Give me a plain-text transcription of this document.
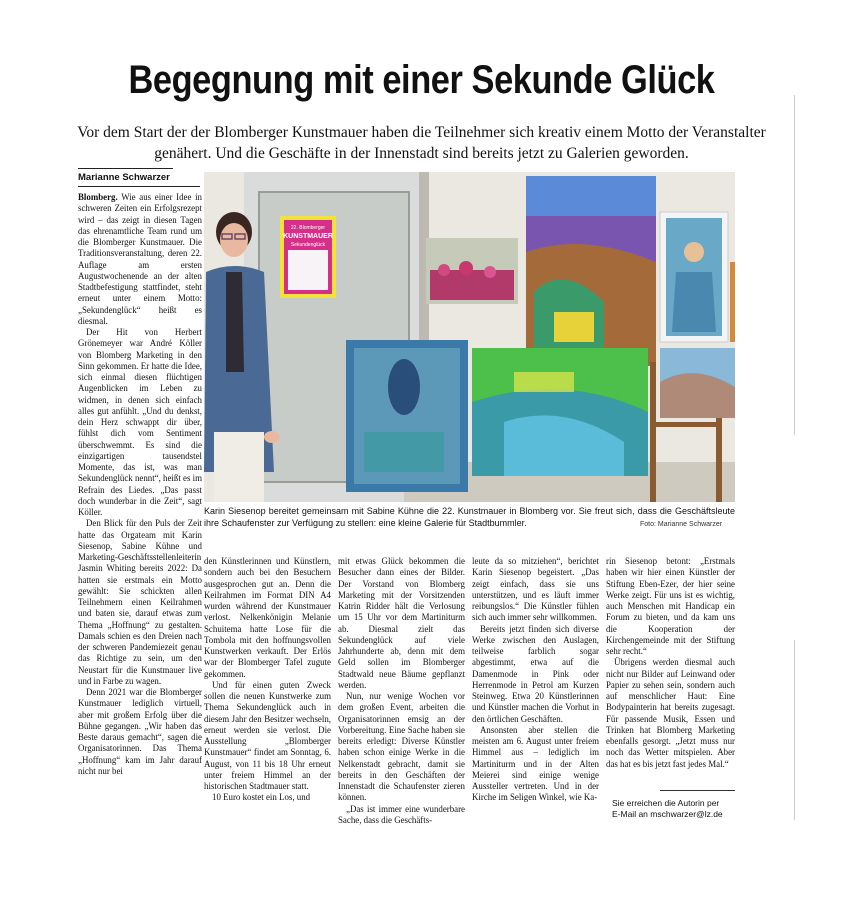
Begegnung mit einer Sekunde Glück

Vor dem Start der der Blomberger Kunstmauer haben die Teilnehmer sich kreativ einem Motto der Veranstalter genähert. Und die Geschäfte in der Innenstadt sind bereits jetzt zu Galerien geworden.

Marianne Schwarzer

Blomberg. Wie aus einer Idee in schweren Zeiten ein Erfolgsrezept wird – das zeigt in diesen Tagen das ehrenamtliche Team rund um die Blomberger Kunstmauer. Die Traditionsveranstaltung, deren 22. Auflage am ersten Augustwochenende an der alten Stadtbefestigung stattfindet, steht erneut unter einem Motto: „Sekundenglück“ heißt es diesmal.

Der Hit von Herbert Grönemeyer war André Köller von Blomberg Marketing in den Sinn gekommen. Er hatte die Idee, sich einmal diesen flüchtigen Augenblicken im Leben zu widmen, in denen sich einfach alles gut anfühlt. „Und du denkst, dein Herz schwappt dir über, fühlst dich vom Sentiment überschwemmt. Es sind die einzigartigen tausendstel Momente, das ist, was man Sekundenglück nennt“, heißt es im Refrain des Liedes. „Das passt doch wunderbar in die Zeit“, sagt Köller.

Den Blick für den Puls der Zeit hatte das Orgateam mit Karin Siesenop, Sabine Kühne und Marketing-Geschäftsstellenleiterin Jasmin Whiting bereits 2022: Da hatten sie erstmals ein Motto gewählt: Sie schickten allen Teilnehmern einen Keilrahmen und baten sie, darauf etwas zum Thema „Hoffnung“ zu gestalten. Damals schien es den Dreien nach der schweren Pandemiezeit genau das Richtige zu sein, um den Neustart für die Kunstmauer live und in Farbe zu wagen.

Denn 2021 war die Blomberger Kunstmauer lediglich virtuell, aber mit großem Erfolg über die Bühne gegangen. „Wir haben das Beste daraus gemacht“, sagen die Organisatorinnen. Das Thema „Hoffnung“ kam im Jahr darauf nicht nur bei

22. Blomberger
KUNSTMAUER
Sekundenglück
Karin Siesenop bereitet gemeinsam mit Sabine Kühne die 22. Kunstmauer in Blomberg vor. Sie freut sich, dass die Geschäftsleute ihre Schaufenster zur Verfügung zu stellen: eine kleine Galerie für Stadtbummler.	Foto: Marianne Schwarzer

den Künstlerinnen und Künstlern, sondern auch bei den Besuchern ausgesprochen gut an. Denn die Keilrahmen im Format DIN A4 wurden während der Kunstmauer verlost. Nelkenkönigin Melanie Schuitema hatte Lose für die Tombola mit den hoffnungsvollen Kunstwerken verkauft. Der Erlös war der Blomberger Tafel zugute gekommen.

Und für einen guten Zweck sollen die neuen Kunstwerke zum Thema Sekundenglück auch in diesem Jahr den Besitzer wechseln, erneut werden sie verlost. Die Ausstellung „Blomberger Kunstmauer“ findet am Sonntag, 6. August, von 11 bis 18 Uhr erneut unter freiem Himmel an der historischen Stadtmauer statt.

10 Euro kostet ein Los, und

mit etwas Glück bekommen die Besucher dann eines der Bilder. Der Vorstand von Blomberg Marketing mit der Vorsitzenden Katrin Ridder hält die Verlosung um 15 Uhr vor dem Martiniturm ab. Diesmal zielt das Sekundenglück auf viele Jahrhunderte ab, denn mit dem Geld sollen im Blomberger Stadtwald neue Bäume gepflanzt werden.

Nun, nur wenige Wochen vor dem großen Event, arbeiten die Organisatorinnen emsig an der Vorbereitung. Eine Sache haben sie bereits erledigt: Diverse Künstler haben schon einige Werke in die Nelkenstadt gebracht, damit sie bereits in den Geschäften der Innenstadt die Schaufenster zieren können.

„Das ist immer eine wunderbare Sache, dass die Geschäfts-

leute da so mitziehen“, berichtet Karin Siesenop begeistert. „Das zeigt einfach, dass sie uns unterstützen, und es läuft immer reibungslos.“ Die Künstler fühlen sich auch immer sehr willkommen.

Bereits jetzt finden sich diverse Werke zwischen den Auslagen, teilweise farblich sogar abgestimmt, etwa auf die Damenmode in Pink oder Herrenmode in Petrol am Kurzen Steinweg. Etwa 20 Künstlerinnen und Künstler machen die Vorhut in den örtlichen Geschäften.

Ansonsten aber stellen die meisten am 6. August unter freiem Himmel aus – lediglich im Martiniturm und in der Alten Meierei sind einige wenige Aussteller vertreten. Und in der Kirche im Seligen Winkel, wie Ka-

rin Siesenop betont: „Erstmals haben wir hier einen Künstler der Stiftung Eben-Ezer, der hier seine Werke zeigt. Für uns ist es wichtig, auch Menschen mit Handicap ein Forum zu bieten, und da kam uns die Kooperation der Kirchengemeinde mit der Stiftung sehr recht.“

Übrigens werden diesmal auch nicht nur Bilder auf Leinwand oder Papier zu sehen sein, sondern auch auf menschlicher Haut: Eine Bodypainterin hat bereits zugesagt. Für passende Musik, Essen und Trinken hat Blomberg Marketing ebenfalls gesorgt. „Jetzt muss nur noch das Wetter mitspielen. Aber das hat es bis jetzt fast jedes Mal.“

Sie erreichen die Autorin per
E-Mail an mschwarzer@lz.de
